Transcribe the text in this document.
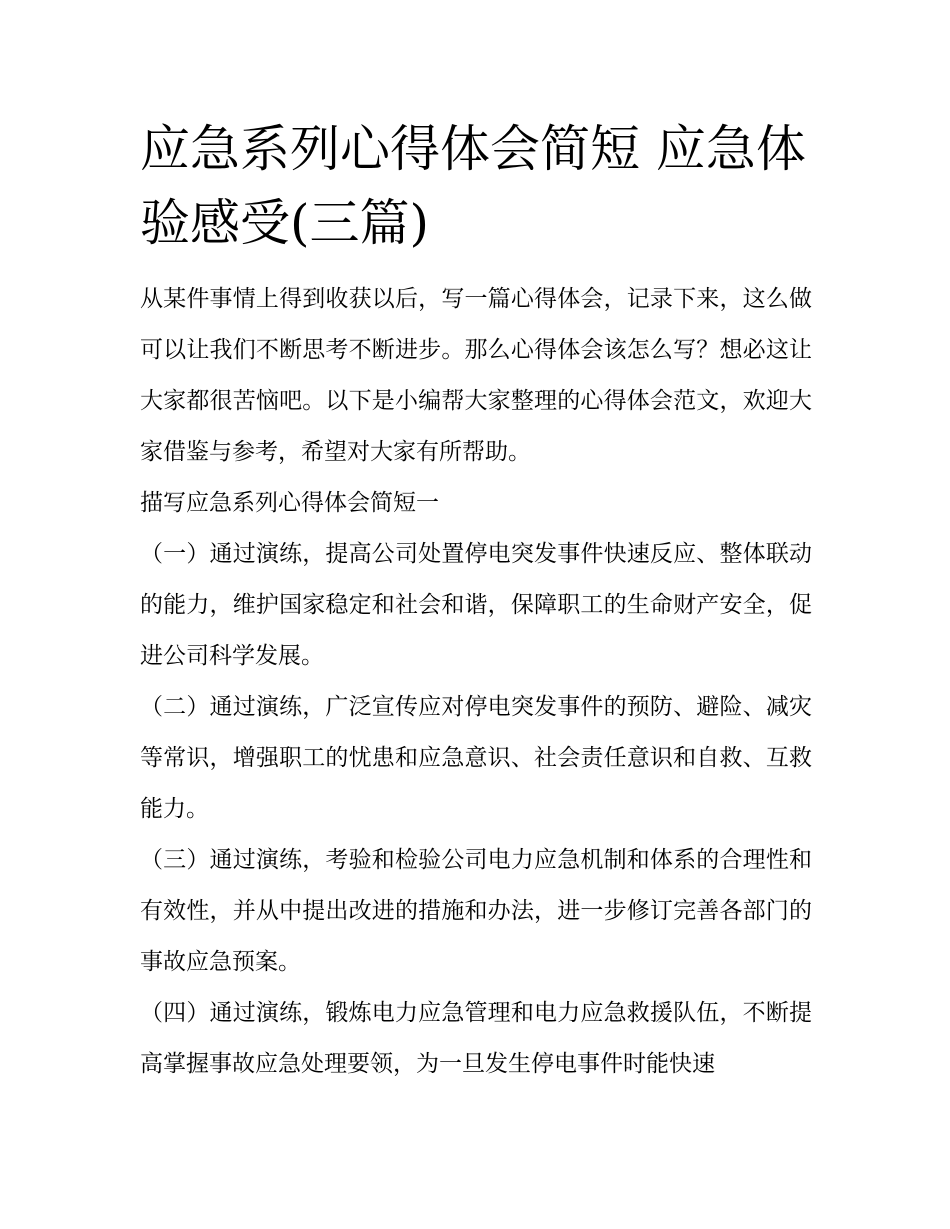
应急系列心得体会简短 应急体验感受(三篇)

从某件事情上得到收获以后，写一篇心得体会，记录下来，这么做可以让我们不断思考不断进步。那么心得体会该怎么写？想必这让大家都很苦恼吧。以下是小编帮大家整理的心得体会范文，欢迎大家借鉴与参考，希望对大家有所帮助。

描写应急系列心得体会简短一

（一）通过演练，提高公司处置停电突发事件快速反应、整体联动的能力，维护国家稳定和社会和谐，保障职工的生命财产安全，促进公司科学发展。

（二）通过演练，广泛宣传应对停电突发事件的预防、避险、减灾等常识，增强职工的忧患和应急意识、社会责任意识和自救、互救能力。

（三）通过演练，考验和检验公司电力应急机制和体系的合理性和有效性，并从中提出改进的措施和办法，进一步修订完善各部门的事故应急预案。

（四）通过演练，锻炼电力应急管理和电力应急救援队伍，不断提高掌握事故应急处理要领，为一旦发生停电事件时能快速
